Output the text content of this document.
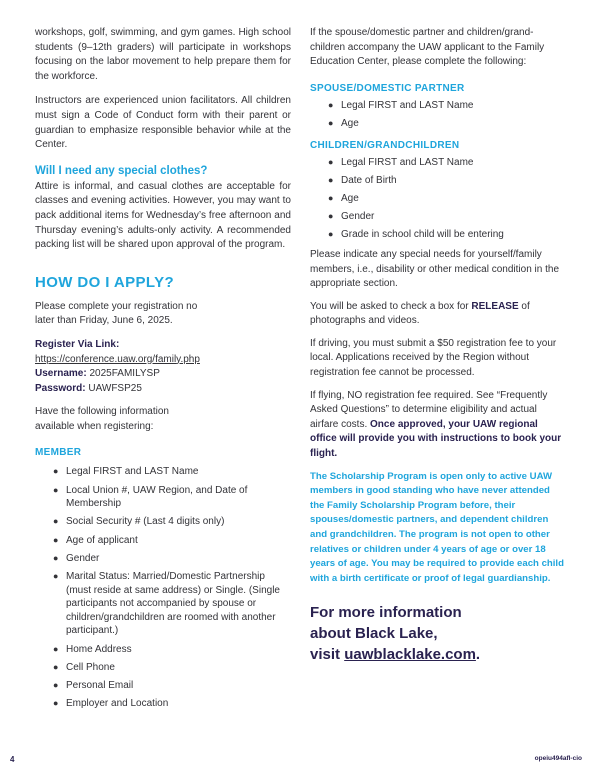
workshops, golf, swimming, and gym games. High school students (9–12th graders) will participate in workshops focusing on the labor movement to help prepare them for the workforce.

Instructors are experienced union facilitators. All children must sign a Code of Conduct form with their parent or guardian to emphasize responsible behavior while at the Center.

Will I need any special clothes?

Attire is informal, and casual clothes are acceptable for classes and evening activities. However, you may want to pack additional items for Wednesday’s free afternoon and Thursday evening’s adults-only activity. A recommended packing list will be shared upon approval of the program.

HOW DO I APPLY?

Please complete your registration no

later than Friday, June 6, 2025.

Register Via Link:

https://conference.uaw.org/family.php

Username: 2025FAMILYSP

Password: UAWFSP25

Have the following information

available when registering:

MEMBER
● Legal FIRST and LAST Name
● Local Union #, UAW Region, and Date of Membership
● Social Security # (Last 4 digits only)
● Age of applicant
● Gender
● Marital Status: Married/Domestic Partnership (must reside at same address) or Single. (Single participants not accompanied by spouse or children/grandchildren are roomed with another participant.)
● Home Address
● Cell Phone
● Personal Email
● Employer and Location

If the spouse/domestic partner and children/grand-children accompany the UAW applicant to the Family Education Center, please complete the following:

SPOUSE/DOMESTIC PARTNER
● Legal FIRST and LAST Name
● Age
CHILDREN/GRANDCHILDREN
● Legal FIRST and LAST Name
● Date of Birth
● Age
● Gender
● Grade in school child will be entering

Please indicate any special needs for yourself/family members, i.e., disability or other medical condition in the appropriate section.

You will be asked to check a box for RELEASE of photographs and videos.

If driving, you must submit a $50 registration fee to your local. Applications received by the Region without registration fee cannot be processed.

If flying, NO registration fee required. See “Frequently Asked Questions” to determine eligibility and actual airfare costs. Once approved, your UAW regional office will provide you with instructions to book your flight.

The Scholarship Program is open only to active UAW members in good standing who have never attended the Family Scholarship Program before, their spouses/domestic partners, and dependent children and grandchildren. The program is not open to other relatives or children under 4 years of age or over 18 years of age. You may be required to provide each child with a birth certificate or proof of legal guardianship.

For more information

about Black Lake,

visit uawblacklake.com.

4	opeiu494afl-cio
